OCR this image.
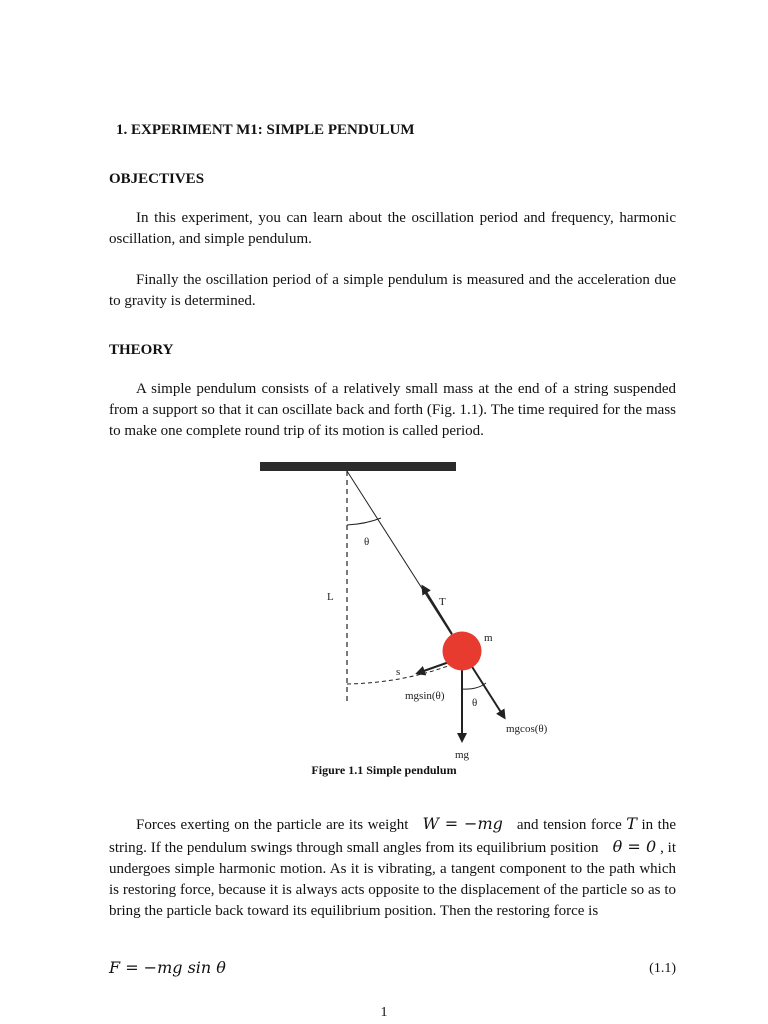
1. EXPERIMENT M1: SIMPLE PENDULUM
OBJECTIVES

In this experiment, you can learn about the oscillation period and frequency, harmonic oscillation, and simple pendulum.

Finally the oscillation period of a simple pendulum is measured and the acceleration due to gravity is determined.

THEORY

A simple pendulum consists of a relatively small mass at the end of a string suspended from a support so that it can oscillate back and forth (Fig. 1.1). The time required for the mass to make one complete round trip of its motion is called period.

θ
L	T
s
m
mgsin(θ)
θ
mgcos(θ)
mg
Figure 1.1 Simple pendulum

Forces exerting on the particle are its weight W = −mg and tension force T in the string. If the pendulum swings through small angles from its equilibrium position θ = 0 , it undergoes simple harmonic motion. As it is vibrating, a tangent component to the path which is restoring force, because it is always acts opposite to the displacement of the particle so as to bring the particle back toward its equilibrium position. Then the restoring force is

F = −mg sin θ	(1.1)
1
